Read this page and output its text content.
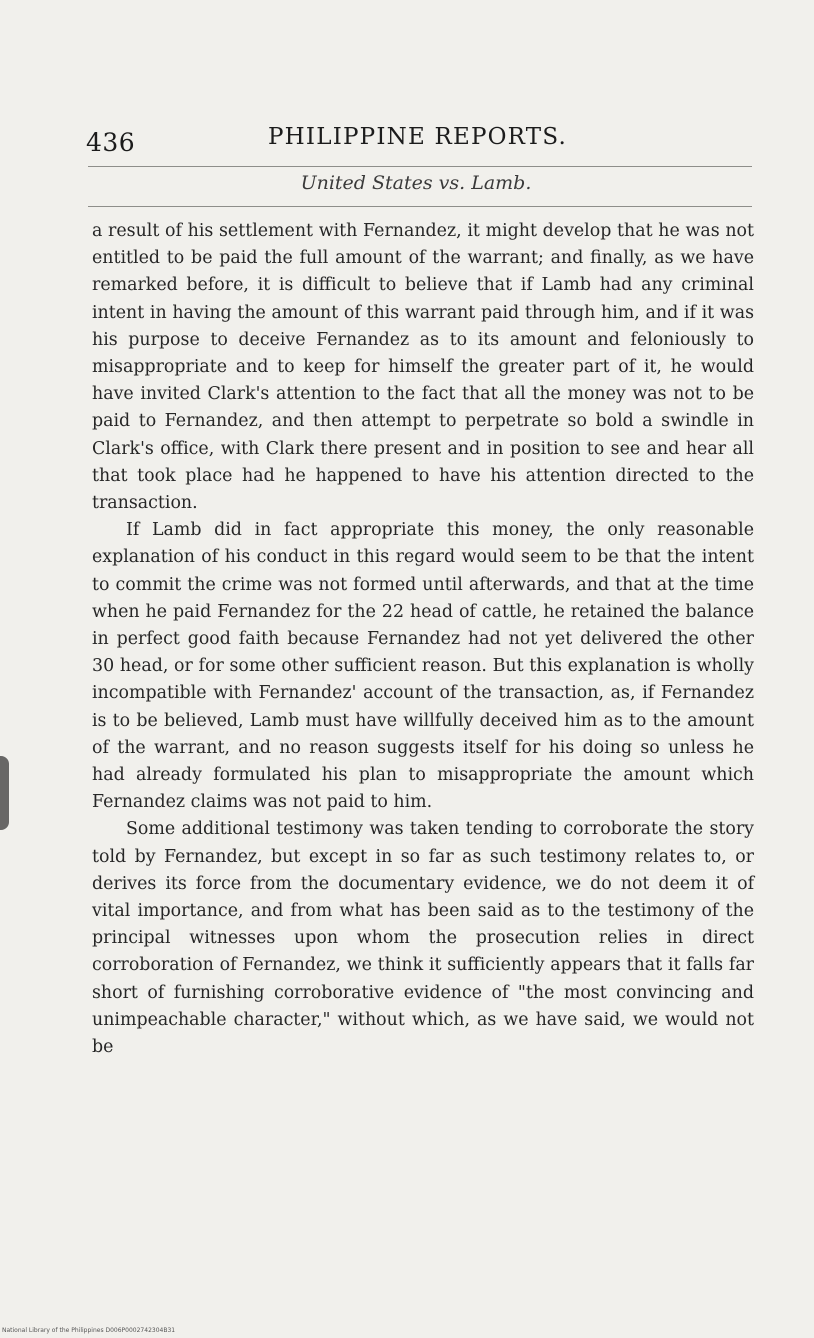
436	PHILIPPINE REPORTS.
United States vs. Lamb.

a result of his settlement with Fernandez, it might develop that he was not entitled to be paid the full amount of the warrant; and finally, as we have remarked before, it is difficult to believe that if Lamb had any criminal intent in having the amount of this warrant paid through him, and if it was his purpose to deceive Fernandez as to its amount and feloniously to misappropriate and to keep for himself the greater part of it, he would have invited Clark's attention to the fact that all the money was not to be paid to Fernandez, and then attempt to perpetrate so bold a swindle in Clark's office, with Clark there present and in position to see and hear all that took place had he happened to have his attention directed to the transaction.

If Lamb did in fact appropriate this money, the only reasonable explanation of his conduct in this regard would seem to be that the intent to commit the crime was not formed until afterwards, and that at the time when he paid Fernandez for the 22 head of cattle, he retained the balance in perfect good faith because Fernandez had not yet delivered the other 30 head, or for some other sufficient reason. But this explanation is wholly incompatible with Fernandez' account of the transaction, as, if Fernandez is to be believed, Lamb must have willfully deceived him as to the amount of the warrant, and no reason suggests itself for his doing so unless he had already formulated his plan to misappropriate the amount which Fernandez claims was not paid to him.

Some additional testimony was taken tending to corroborate the story told by Fernandez, but except in so far as such testimony relates to, or derives its force from the documentary evidence, we do not deem it of vital importance, and from what has been said as to the testimony of the principal witnesses upon whom the prosecution relies in direct corroboration of Fernandez, we think it sufficiently appears that it falls far short of furnishing corroborative evidence of "the most convincing and unimpeachable character," without which, as we have said, we would not be

National Library of the Philippines D006P0002742304B31
